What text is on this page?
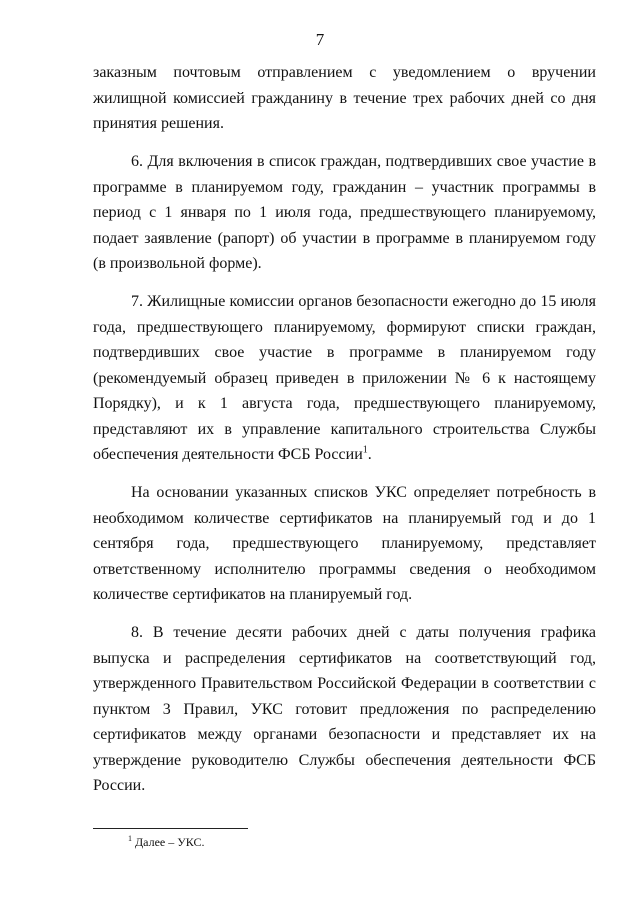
7

заказным почтовым отправлением с уведомлением о вручении жилищной комиссией гражданину в течение трех рабочих дней со дня принятия решения.

6. Для включения в список граждан, подтвердивших свое участие в программе в планируемом году, гражданин – участник программы в период с 1 января по 1 июля года, предшествующего планируемому, подает заявление (рапорт) об участии в программе в планируемом году (в произвольной форме).

7. Жилищные комиссии органов безопасности ежегодно до 15 июля года, предшествующего планируемому, формируют списки граждан, подтвердивших свое участие в программе в планируемом году (рекомендуемый образец приведен в приложении № 6 к настоящему Порядку), и к 1 августа года, предшествующего планируемому, представляют их в управление капитального строительства Службы обеспечения деятельности ФСБ России$^1$.

На основании указанных списков УКС определяет потребность в необходимом количестве сертификатов на планируемый год и до 1 сентября года, предшествующего планируемому, представляет ответственному исполнителю программы сведения о необходимом количестве сертификатов на планируемый год.

8. В течение десяти рабочих дней с даты получения графика выпуска и распределения сертификатов на соответствующий год, утвержденного Правительством Российской Федерации в соответствии с пунктом 3 Правил, УКС готовит предложения по распределению сертификатов между органами безопасности и представляет их на утверждение руководителю Службы обеспечения деятельности ФСБ России.

$^1$ Далее – УКС.
